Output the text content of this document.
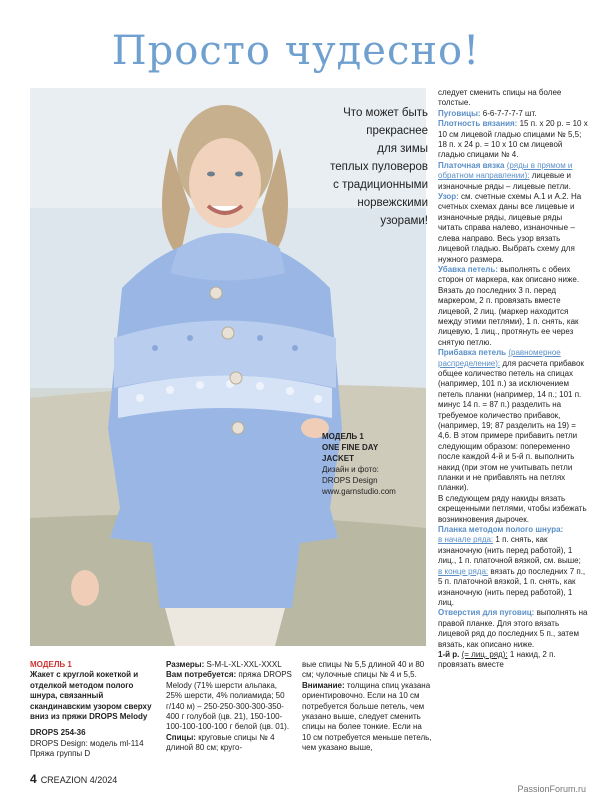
Просто чудесно!
Что может быть
прекраснее
для зимы
теплых пуловеров
с традиционными
норвежскими
узорами!
МОДЕЛЬ 1
ONE FINE DAY
JACKET
Дизайн и фото:
DROPS Design
www.garnstudio.com
следует сменить спицы на более толстые.
Пуговицы: 6-6-7-7-7-7 шт.
Плотность вязания: 15 п. х 20 р. = 10 х 10 см лицевой гладью спицами № 5,5; 18 п. х 24 р. = 10 х 10 см лицевой гладью спицами № 4.
Платочная вязка (ряды в прямом и обратном направлении): лицевые и изнаночные ряды – лицевые петли.
Узор: см. счетные схемы А.1 и А.2. На счетных схемах даны все лицевые и изнаночные ряды, лицевые ряды читать справа налево, изнаночные – слева направо. Весь узор вязать лицевой гладью. Выбрать схему для нужного размера.
Убавка петель: выполнять с обеих сторон от маркера, как описано ниже.
Вязать до последних 3 п. перед маркером, 2 п. провязать вместе лицевой, 2 лиц. (маркер находится между этими петлями), 1 п. снять, как лицевую, 1 лиц., протянуть ее через снятую петлю.
Прибавка петель (равномерное распределение): для расчета прибавок общее количество петель на спицах (например, 101 п.) за исключением петель планки (например, 14 п.; 101 п. минус 14 п. = 87 п.) разделить на требуемое количество прибавок, (например, 19; 87 разделить на 19) = 4,6. В этом примере прибавить петли следующим образом: попеременно после каждой 4-й и 5-й п. выполнить накид (при этом не учитывать петли планки и не прибавлять на петлях планки).
В следующем ряду накиды вязать скрещенными петлями, чтобы избежать возникновения дырочек.
Планка методом полого шнура:
в начале ряда: 1 п. снять, как изнаночную (нить перед работой), 1 лиц., 1 п. платочной вязкой, см. выше;
в конце ряда: вязать до последних 7 п., 5 п. платочной вязкой, 1 п. снять, как изнаночную (нить перед работой), 1 лиц.
Отверстия для пуговиц: выполнять на правой планке. Для этого вязать лицевой ряд до последних 5 п., затем вязать, как описано ниже.
1-й р. (= лиц. ряд): 1 накид, 2 п. провязать вместе
МОДЕЛЬ 1
Жакет с круглой кокеткой и отделкой методом полого шнура, связанный скандинавским узором сверху вниз из пряжи DROPS Melody
DROPS 254-36
DROPS Design: модель ml-114
Пряжа группы D
Размеры: S-M-L-XL-XXL-XXXL
Вам потребуется: пряжа DROPS Melody (71% шерсти альпака, 25% шерсти, 4% полиамида; 50 г/140 м) – 250-250-300-300-350-400 г голубой (цв. 21), 150-100-100-100-100-100 г белой (цв. 01).
Спицы: круговые спицы № 4 длиной 80 см; круго-
вые спицы № 5,5 длиной 40 и 80 см; чулочные спицы № 4 и 5,5.
Внимание: толщина спиц указана ориентировочно. Если на 10 см потребуется больше петель, чем указано выше, следует сменить спицы на более тонкие. Если на 10 см потребуется меньше петель, чем указано выше,
4 CREAZION 4/2024
PassionForum.ru
